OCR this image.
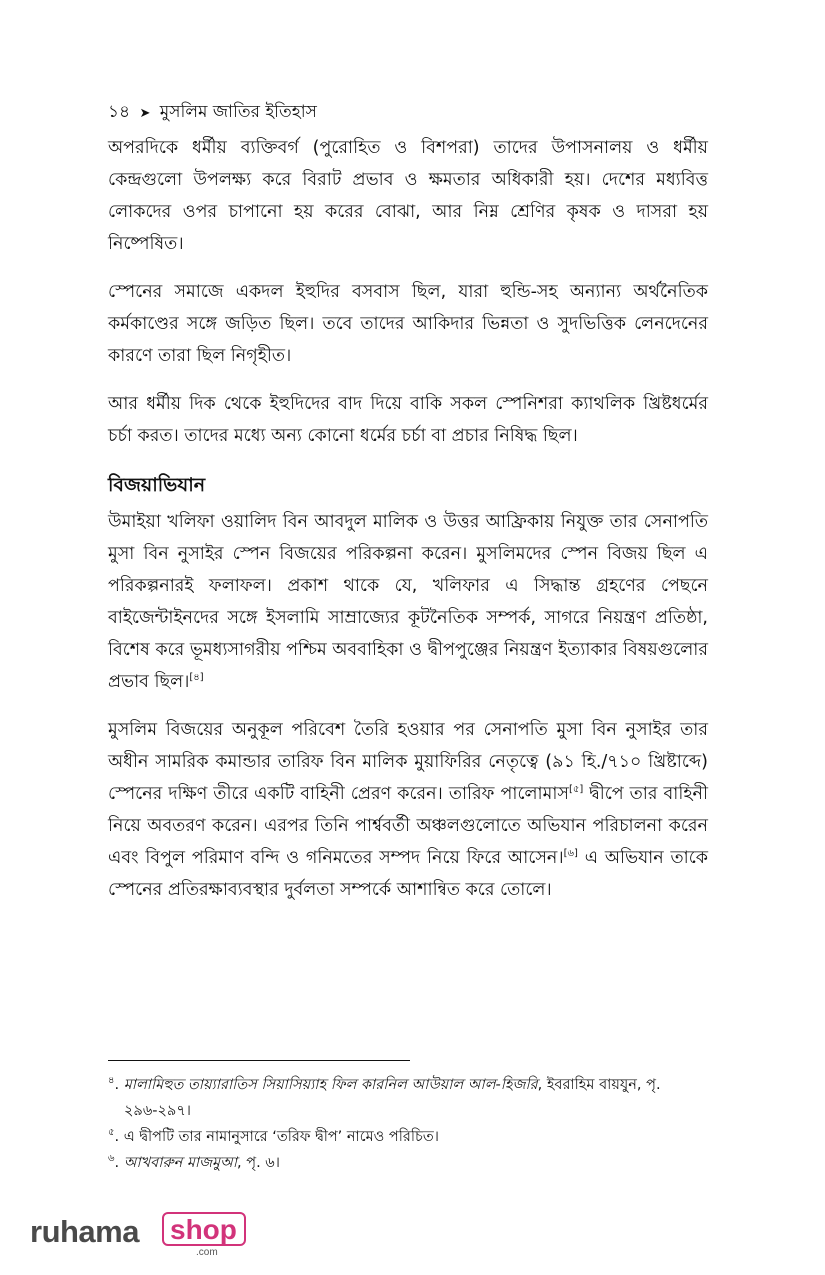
১৪ ➤ মুসলিম জাতির ইতিহাস

অপরদিকে ধর্মীয় ব্যক্তিবর্গ (পুরোহিত ও বিশপরা) তাদের উপাসনালয় ও ধর্মীয় কেন্দ্রগুলো উপলক্ষ্য করে বিরাট প্রভাব ও ক্ষমতার অধিকারী হয়। দেশের মধ্যবিত্ত লোকদের ওপর চাপানো হয় করের বোঝা, আর নিম্ন শ্রেণির কৃষক ও দাসরা হয় নিষ্পেষিত।

স্পেনের সমাজে একদল ইহুদির বসবাস ছিল, যারা হুন্ডি-সহ অন্যান্য অর্থনৈতিক কর্মকাণ্ডের সঙ্গে জড়িত ছিল। তবে তাদের আকিদার ভিন্নতা ও সুদভিত্তিক লেনদেনের কারণে তারা ছিল নিগৃহীত।

আর ধর্মীয় দিক থেকে ইহুদিদের বাদ দিয়ে বাকি সকল স্পেনিশরা ক্যাথলিক খ্রিষ্টধর্মের চর্চা করত। তাদের মধ্যে অন্য কোনো ধর্মের চর্চা বা প্রচার নিষিদ্ধ ছিল।

বিজয়াভিযান

উমাইয়া খলিফা ওয়ালিদ বিন আবদুল মালিক ও উত্তর আফ্রিকায় নিযুক্ত তার সেনাপতি মুসা বিন নুসাইর স্পেন বিজয়ের পরিকল্পনা করেন। মুসলিমদের স্পেন বিজয় ছিল এ পরিকল্পনারই ফলাফল। প্রকাশ থাকে যে, খলিফার এ সিদ্ধান্ত গ্রহণের পেছনে বাইজেন্টাইনদের সঙ্গে ইসলামি সাম্রাজ্যের কূটনৈতিক সম্পর্ক, সাগরে নিয়ন্ত্রণ প্রতিষ্ঠা, বিশেষ করে ভূমধ্যসাগরীয় পশ্চিম অববাহিকা ও দ্বীপপুঞ্জের নিয়ন্ত্রণ ইত্যাকার বিষয়গুলোর প্রভাব ছিল।[৪]

মুসলিম বিজয়ের অনুকূল পরিবেশ তৈরি হওয়ার পর সেনাপতি মুসা বিন নুসাইর তার অধীন সামরিক কমান্ডার তারিফ বিন মালিক মুয়াফিরির নেতৃত্বে (৯১ হি./৭১০ খ্রিষ্টাব্দে) স্পেনের দক্ষিণ তীরে একটি বাহিনী প্রেরণ করেন। তারিফ পালোমাস[৫] দ্বীপে তার বাহিনী নিয়ে অবতরণ করেন। এরপর তিনি পার্শ্ববর্তী অঞ্চলগুলোতে অভিযান পরিচালনা করেন এবং বিপুল পরিমাণ বন্দি ও গনিমতের সম্পদ নিয়ে ফিরে আসেন।[৬] এ অভিযান তাকে স্পেনের প্রতিরক্ষাব্যবস্থার দুর্বলতা সম্পর্কে আশান্বিত করে তোলে।

$^৪$. মালামিহুত তায়্যারাতিস সিয়াসিয়্যাহ ফিল কারনিল আউয়াল আল-হিজরি, ইবরাহিম বায়যুন, পৃ. ২৯৬-২৯৭।

$^৫$. এ দ্বীপটি তার নামানুসারে ‘তরিফ দ্বীপ’ নামেও পরিচিত।

$^৬$. আখবারুন মাজমুআ, পৃ. ৬।

ruhama shop
.com
